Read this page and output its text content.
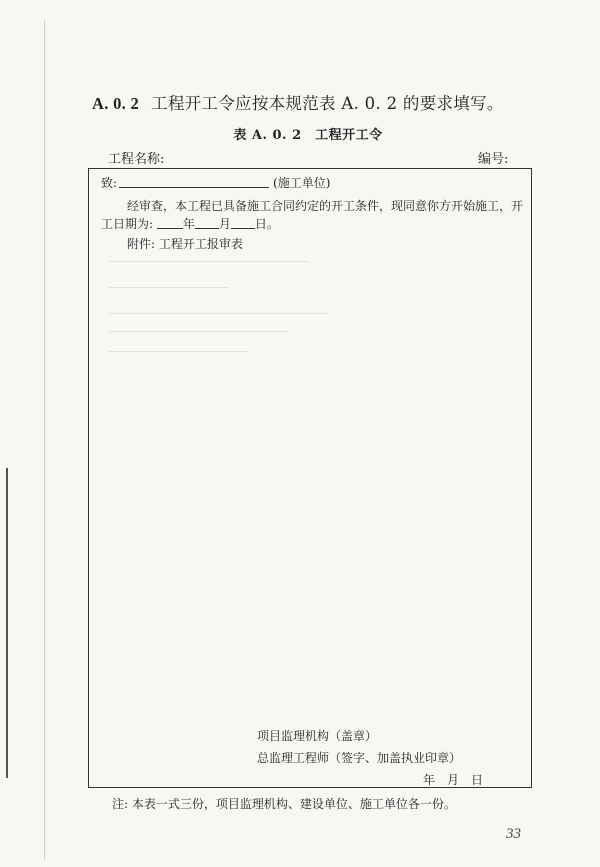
A. 0. 2 工程开工令应按本规范表 A. 0. 2 的要求填写。
表 A. 0. 2　工程开工令
工程名称:	编号:
致:	(施工单位)
经审查，本工程已具备施工合同约定的开工条件，现同意你方开始施工，开
工日期为: 年 月 日。
附件: 工程开工报审表
项目监理机构（盖章）
总监理工程师（签字、加盖执业印章）
年　月　日
注: 本表一式三份，项目监理机构、建设单位、施工单位各一份。
33
